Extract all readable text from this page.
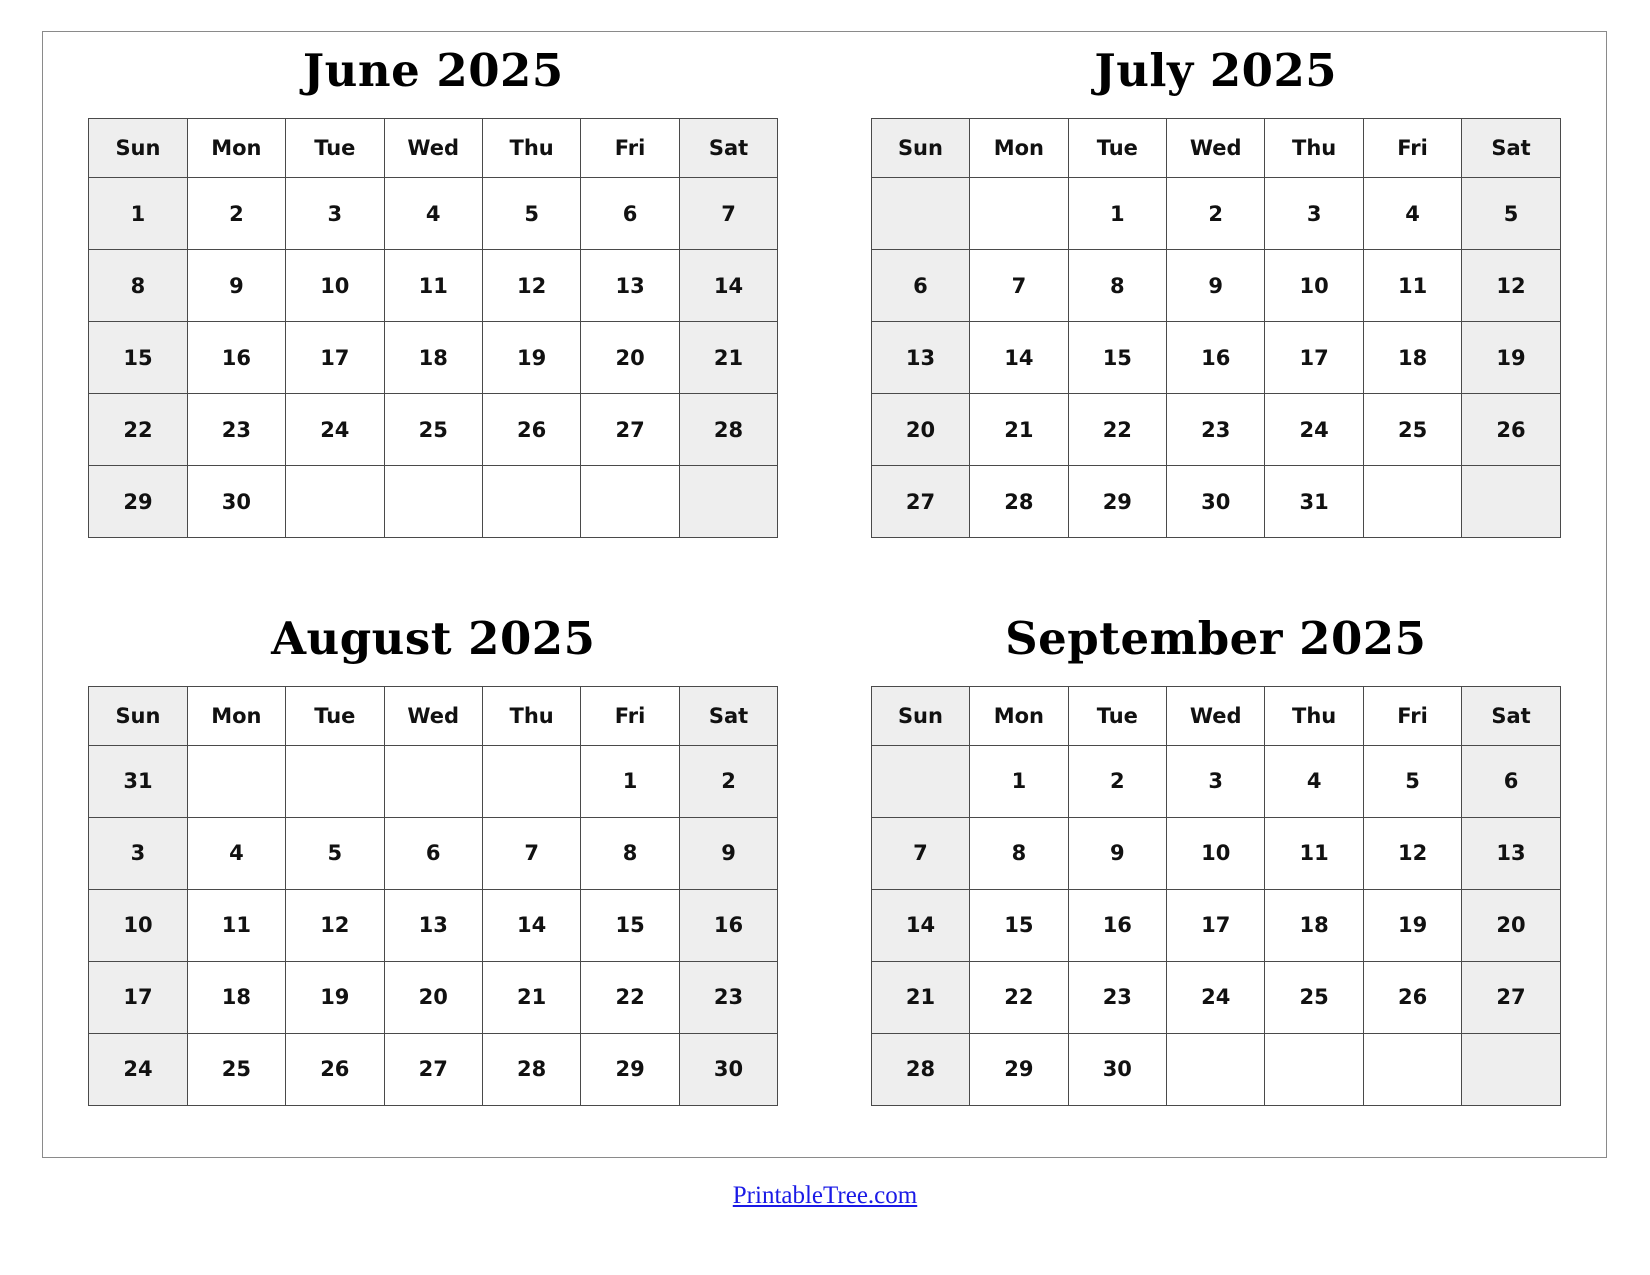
June 2025
Sun	Mon	Tue	Wed	Thu	Fri	Sat
1	2	3	4	5	6	7
8	9	10	11	12	13	14
15	16	17	18	19	20	21
22	23	24	25	26	27	28
29	30					
July 2025
Sun	Mon	Tue	Wed	Thu	Fri	Sat
		1	2	3	4	5
6	7	8	9	10	11	12
13	14	15	16	17	18	19
20	21	22	23	24	25	26
27	28	29	30	31		
August 2025
Sun	Mon	Tue	Wed	Thu	Fri	Sat
31					1	2
3	4	5	6	7	8	9
10	11	12	13	14	15	16
17	18	19	20	21	22	23
24	25	26	27	28	29	30
September 2025
Sun	Mon	Tue	Wed	Thu	Fri	Sat
	1	2	3	4	5	6
7	8	9	10	11	12	13
14	15	16	17	18	19	20
21	22	23	24	25	26	27
28	29	30				
PrintableTree.com
